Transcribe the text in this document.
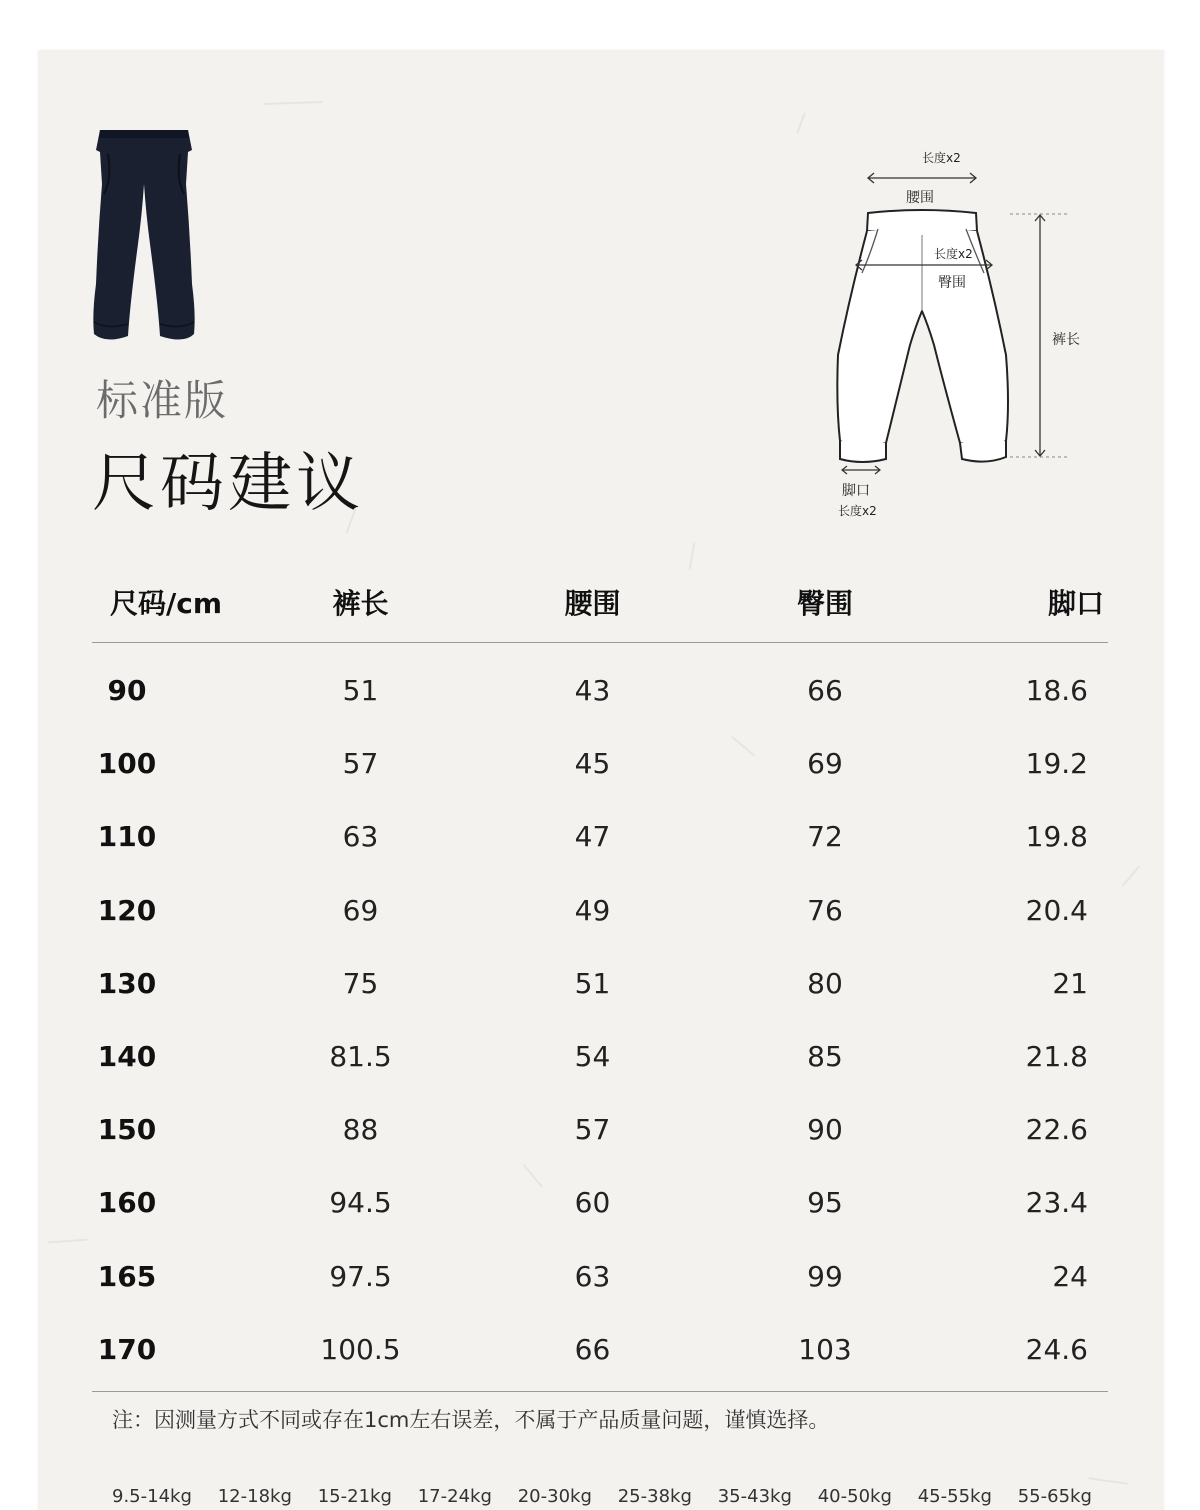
标准版
尺码建议
长度x2
腰围
长度x2
臀围
裤长
脚口
长度x2
尺码/cm	裤长	腰围	臀围	脚口
90	51	43	66	18.6
100	57	45	69	19.2
110	63	47	72	19.8
120	69	49	76	20.4
130	75	51	80	21
140	81.5	54	85	21.8
150	88	57	90	22.6
160	94.5	60	95	23.4
165	97.5	63	99	24
170	100.5	66	103	24.6
注：因测量方式不同或存在1cm左右误差，不属于产品质量问题，谨慎选择。
9.5-14kg 12-18kg 15-21kg 17-24kg 20-30kg 25-38kg 35-43kg 40-50kg 45-55kg 55-65kg
